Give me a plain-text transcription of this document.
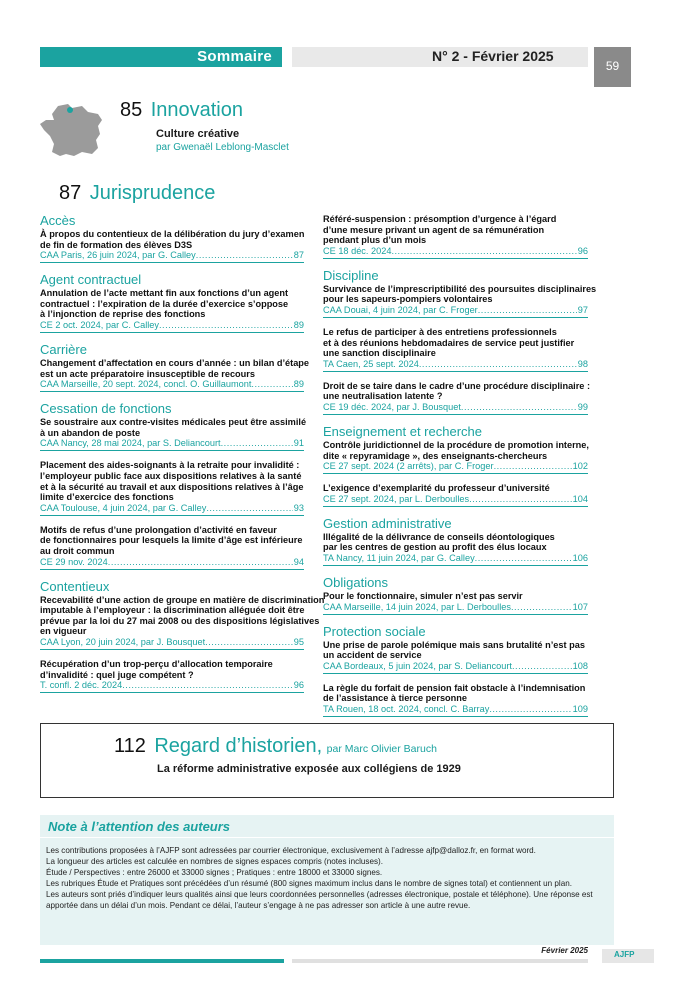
Sommaire	N° 2 - Février 2025
59
85 Innovation
Culture créative
par Gwenaël Leblong-Masclet
87 Jurisprudence
Accès
À propos du contentieux de la délibération du jury d’examen
de fin de formation des élèves D3S
CAA Paris, 26 juin 2024, par G. Calley .....	87
Agent contractuel
Annulation de l’acte mettant fin aux fonctions d’un agent
contractuel : l’expiration de la durée d’exercice s’oppose
à l’injonction de reprise des fonctions
CE 2 oct. 2024, par C. Calley .....	89
Carrière
Changement d’affectation en cours d’année : un bilan d’étape
est un acte préparatoire insusceptible de recours
CAA Marseille, 20 sept. 2024, concl. O. Guillaumont .....	89
Cessation de fonctions
Se soustraire aux contre-visites médicales peut être assimilé
à un abandon de poste
CAA Nancy, 28 mai 2024, par S. Deliancourt .....	91
Placement des aides-soignants à la retraite pour invalidité :
l’employeur public face aux dispositions relatives à la santé
et à la sécurité au travail et aux dispositions relatives à l’âge
limite d’exercice des fonctions
CAA Toulouse, 4 juin 2024, par G. Calley .....	93
Motifs de refus d’une prolongation d’activité en faveur
de fonctionnaires pour lesquels la limite d’âge est inférieure
au droit commun
CE 29 nov. 2024 .....	94
Contentieux
Recevabilité d’une action de groupe en matière de discrimination
imputable à l’employeur : la discrimination alléguée doit être
prévue par la loi du 27 mai 2008 ou des dispositions législatives
en vigueur
CAA Lyon, 20 juin 2024, par J. Bousquet .....	95
Récupération d’un trop-perçu d’allocation temporaire
d’invalidité : quel juge compétent ?
T. confl. 2 déc. 2024 .....	96
Référé-suspension : présomption d’urgence à l’égard
d’une mesure privant un agent de sa rémunération
pendant plus d’un mois
CE 18 déc. 2024 .....	96
Discipline
Survivance de l’imprescriptibilité des poursuites disciplinaires
pour les sapeurs-pompiers volontaires
CAA Douai, 4 juin 2024, par C. Froger .....	97
Le refus de participer à des entretiens professionnels
et à des réunions hebdomadaires de service peut justifier
une sanction disciplinaire
TA Caen, 25 sept. 2024 .....	98
Droit de se taire dans le cadre d’une procédure disciplinaire :
une neutralisation latente ?
CE 19 déc. 2024, par J. Bousquet .....	99
Enseignement et recherche
Contrôle juridictionnel de la procédure de promotion interne,
dite « repyramidage », des enseignants-chercheurs
CE 27 sept. 2024 (2 arrêts), par C. Froger .....	102
L’exigence d’exemplarité du professeur d’université
CE 27 sept. 2024, par L. Derboulles .....	104
Gestion administrative
Illégalité de la délivrance de conseils déontologiques
par les centres de gestion au profit des élus locaux
TA Nancy, 11 juin 2024, par G. Calley .....	106
Obligations
Pour le fonctionnaire, simuler n’est pas servir
CAA Marseille, 14 juin 2024, par L. Derboulles .....	107
Protection sociale
Une prise de parole polémique mais sans brutalité n’est pas
un accident de service
CAA Bordeaux, 5 juin 2024, par S. Deliancourt .....	108
La règle du forfait de pension fait obstacle à l’indemnisation
de l’assistance à tierce personne
TA Rouen, 18 oct. 2024, concl. C. Barray .....	109
112 Regard d’historien, par Marc Olivier Baruch
La réforme administrative exposée aux collégiens de 1929
Note à l’attention des auteurs
Les contributions proposées à l’AJFP sont adressées par courrier électronique, exclusivement à l’adresse ajfp@dalloz.fr, en format word.
La longueur des articles est calculée en nombres de signes espaces compris (notes incluses).
Étude / Perspectives : entre 26000 et 33000 signes ; Pratiques : entre 18000 et 33000 signes.
Les rubriques Étude et Pratiques sont précédées d’un résumé (800 signes maximum inclus dans le nombre de signes total) et contiennent un plan.
Les auteurs sont priés d’indiquer leurs qualités ainsi que leurs coordonnées personnelles (adresses électronique, postale et téléphone). Une réponse est
apportée dans un délai d’un mois. Pendant ce délai, l’auteur s’engage à ne pas adresser son article à une autre revue.
Février 2025	AJFP
